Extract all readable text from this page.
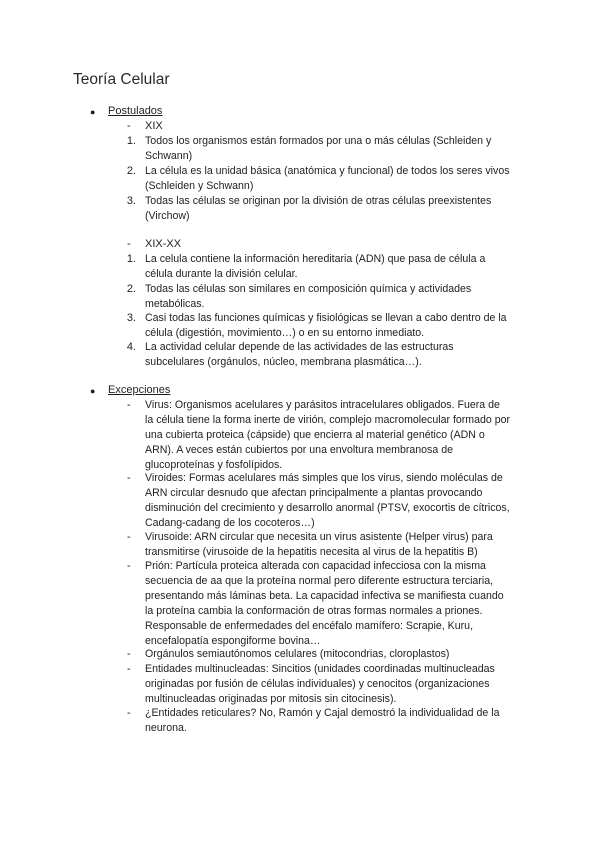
Teoría Celular
● Postulados
- XIX
1. Todos los organismos están formados por una o más células (Schleiden y
Schwann)
2. La célula es la unidad básica (anatómica y funcional) de todos los seres vivos
(Schleiden y Schwann)
3. Todas las células se originan por la división de otras células preexistentes
(Virchow)
- XIX-XX
1. La celula contiene la información hereditaria (ADN) que pasa de célula a
célula durante la división celular.
2. Todas las células son similares en composición química y actividades
metabólicas.
3. Casi todas las funciones químicas y fisiológicas se llevan a cabo dentro de la
célula (digestión, movimiento…) o en su entorno inmediato.
4. La actividad celular depende de las actividades de las estructuras
subcelulares (orgánulos, núcleo, membrana plasmática…).
● Excepciones
- Virus: Organismos acelulares y parásitos intracelulares obligados. Fuera de
la célula tiene la forma inerte de virión, complejo macromolecular formado por
una cubierta proteica (cápside) que encierra al material genético (ADN o
ARN). A veces están cubiertos por una envoltura membranosa de
glucoproteínas y fosfolípidos.
- Viroides: Formas acelulares más simples que los virus, siendo moléculas de
ARN circular desnudo que afectan principalmente a plantas provocando
disminución del crecimiento y desarrollo anormal (PTSV, exocortis de cítricos,
Cadang-cadang de los cocoteros…)
- Virusoide: ARN circular que necesita un virus asistente (Helper virus) para
transmitirse (virusoide de la hepatitis necesita al virus de la hepatitis B)
- Prión: Partícula proteica alterada con capacidad infecciosa con la misma
secuencia de aa que la proteína normal pero diferente estructura terciaria,
presentando más láminas beta. La capacidad infectiva se manifiesta cuando
la proteína cambia la conformación de otras formas normales a priones.
Responsable de enfermedades del encéfalo mamífero: Scrapie, Kuru,
encefalopatía espongiforme bovina…
- Orgánulos semiautónomos celulares (mitocondrias, cloroplastos)
- Entidades multinucleadas: Sincitios (unidades coordinadas multinucleadas
originadas por fusión de células individuales) y cenocitos (organizaciones
multinucleadas originadas por mitosis sin citocinesis).
- ¿Entidades reticulares? No, Ramón y Cajal demostró la individualidad de la
neurona.
